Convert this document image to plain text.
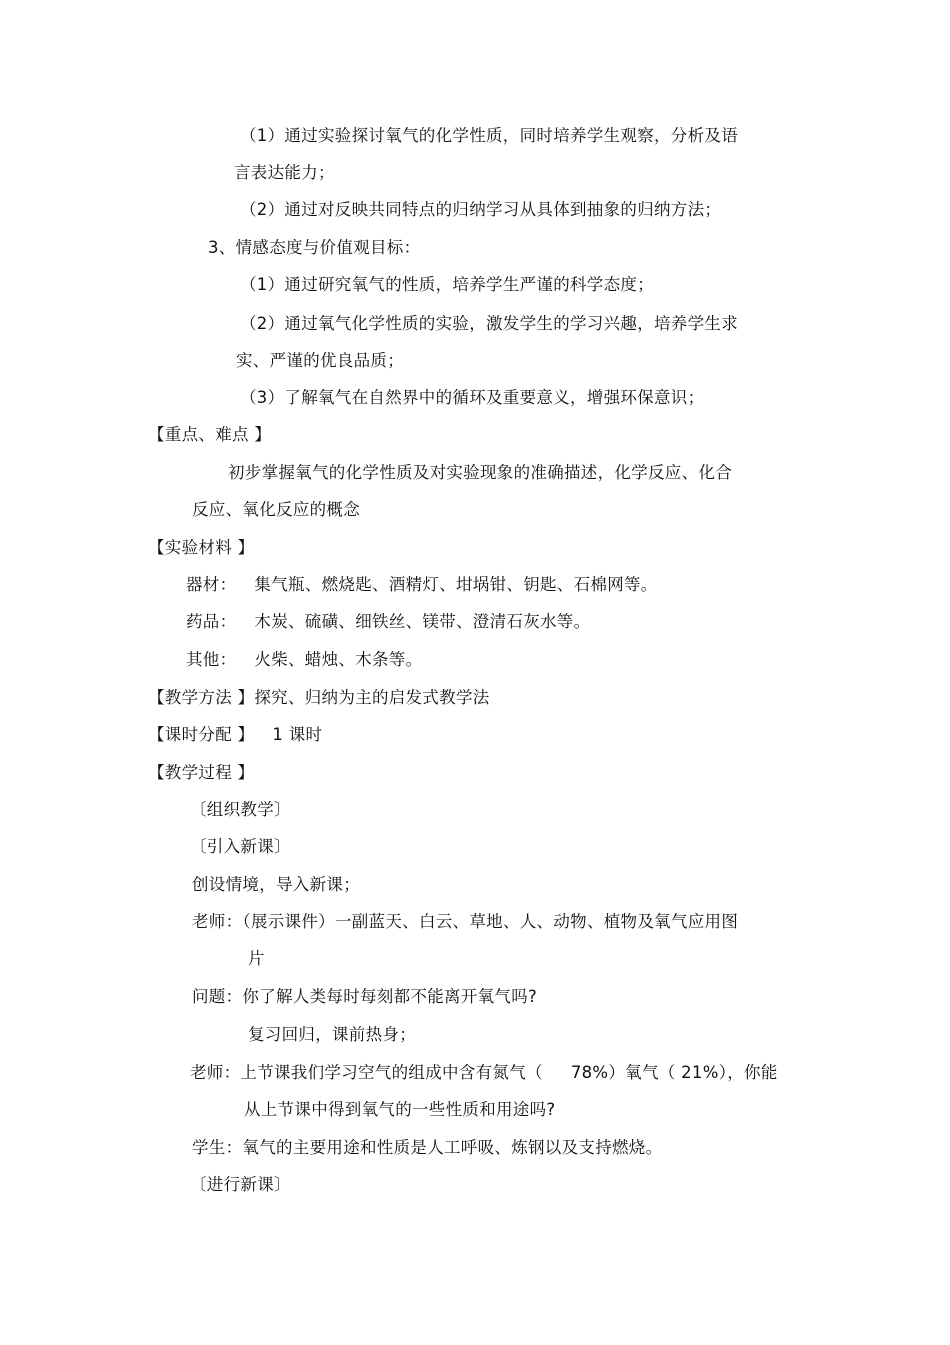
（1）通过实验探讨氧气的化学性质，同时培养学生观察，分析及语
言表达能力；
（2）通过对反映共同特点的归纳学习从具体到抽象的归纳方法；
3、情感态度与价值观目标：
（1）通过研究氧气的性质，培养学生严谨的科学态度；
（2）通过氧气化学性质的实验，激发学生的学习兴趣，培养学生求
实、严谨的优良品质；
（3）了解氧气在自然界中的循环及重要意义，增强环保意识；
【重点、难点 】
初步掌握氧气的化学性质及对实验现象的准确描述，化学反应、化合
反应、氧化反应的概念
【实验材料 】
器材： 集气瓶、燃烧匙、酒精灯、坩埚钳、钥匙、石棉网等。
药品： 木炭、硫磺、细铁丝、镁带、澄清石灰水等。
其他： 火柴、蜡烛、木条等。
【教学方法 】探究、归纳为主的启发式教学法
【课时分配 】 1 课时
【教学过程 】
〔组织教学〕
〔引入新课〕
创设情境，导入新课；
老师：（展示课件）一副蓝天、白云、草地、人、动物、植物及氧气应用图
片
问题：你了解人类每时每刻都不能离开氧气吗?
复习回归，课前热身；
老师：上节课我们学习空气的组成中含有氮气（ 78%）氧气（ 21%），你能
从上节课中得到氧气的一些性质和用途吗?
学生：氧气的主要用途和性质是人工呼吸、炼钢以及支持燃烧。
〔进行新课〕
